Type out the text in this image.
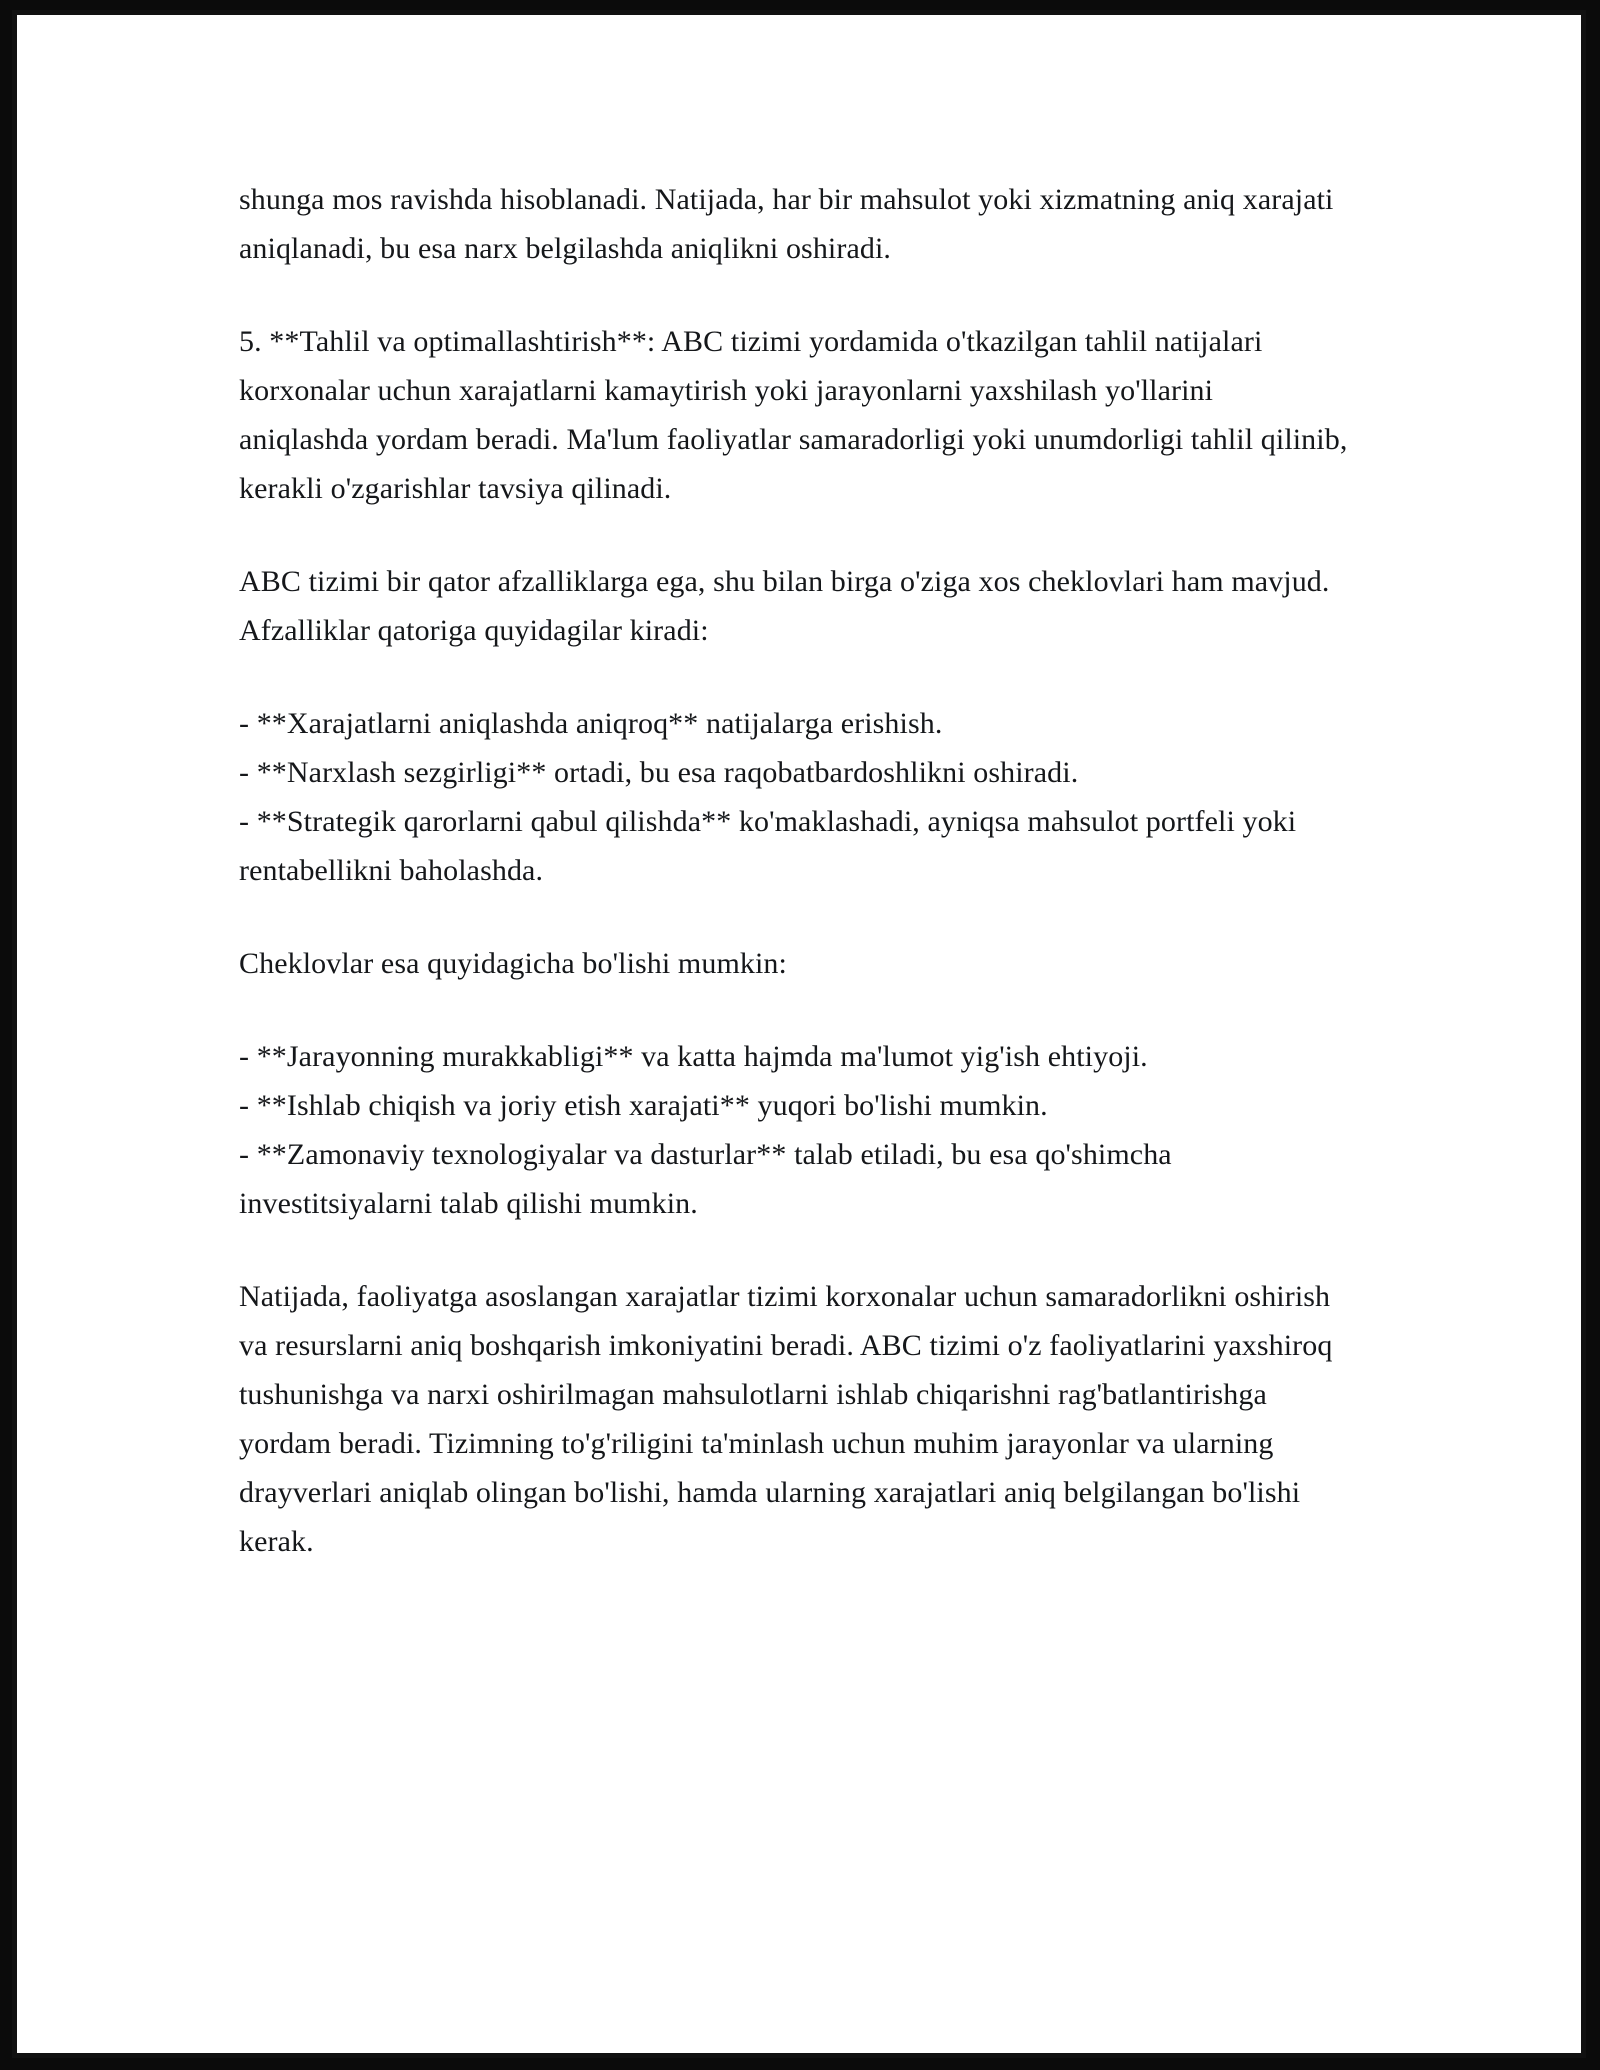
shunga mos ravishda hisoblanadi. Natijada, har bir mahsulot yoki xizmatning aniq xarajati aniqlanadi, bu esa narx belgilashda aniqlikni oshiradi.

5. **Tahlil va optimallashtirish**: ABC tizimi yordamida o'tkazilgan tahlil natijalari korxonalar uchun xarajatlarni kamaytirish yoki jarayonlarni yaxshilash yo'llarini aniqlashda yordam beradi. Ma'lum faoliyatlar samaradorligi yoki unumdorligi tahlil qilinib, kerakli o'zgarishlar tavsiya qilinadi.

ABC tizimi bir qator afzalliklarga ega, shu bilan birga o'ziga xos cheklovlari ham mavjud. Afzalliklar qatoriga quyidagilar kiradi:

- **Xarajatlarni aniqlashda aniqroq** natijalarga erishish.

- **Narxlash sezgirligi** ortadi, bu esa raqobatbardoshlikni oshiradi.

- **Strategik qarorlarni qabul qilishda** ko'maklashadi, ayniqsa mahsulot portfeli yoki rentabellikni baholashda.

Cheklovlar esa quyidagicha bo'lishi mumkin:

- **Jarayonning murakkabligi** va katta hajmda ma'lumot yig'ish ehtiyoji.

- **Ishlab chiqish va joriy etish xarajati** yuqori bo'lishi mumkin.

- **Zamonaviy texnologiyalar va dasturlar** talab etiladi, bu esa qo'shimcha investitsiyalarni talab qilishi mumkin.

Natijada, faoliyatga asoslangan xarajatlar tizimi korxonalar uchun samaradorlikni oshirish va resurslarni aniq boshqarish imkoniyatini beradi. ABC tizimi o'z faoliyatlarini yaxshiroq tushunishga va narxi oshirilmagan mahsulotlarni ishlab chiqarishni rag'batlantirishga yordam beradi. Tizimning to'g'riligini ta'minlash uchun muhim jarayonlar va ularning drayverlari aniqlab olingan bo'lishi, hamda ularning xarajatlari aniq belgilangan bo'lishi kerak.
